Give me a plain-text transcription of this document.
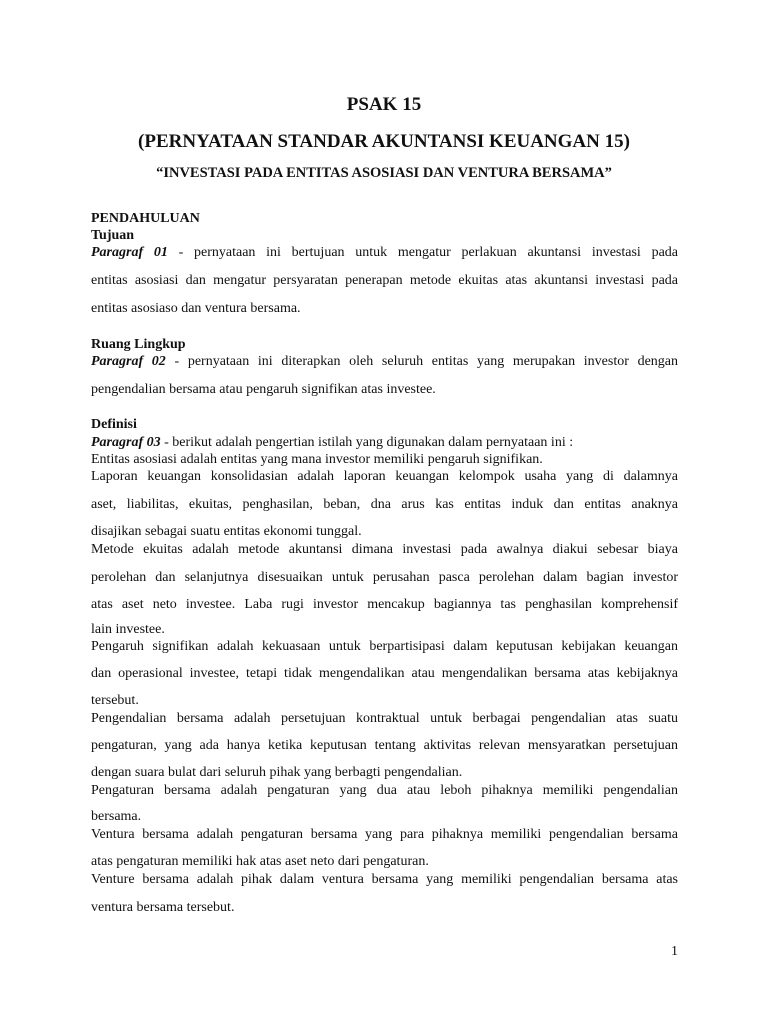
PSAK 15
(PERNYATAAN STANDAR AKUNTANSI KEUANGAN 15)
“INVESTASI PADA ENTITAS ASOSIASI DAN VENTURA BERSAMA”
PENDAHULUAN
Tujuan
Paragraf 01 - pernyataan ini bertujuan untuk mengatur perlakuan akuntansi investasi pada
entitas asosiasi dan mengatur persyaratan penerapan metode ekuitas atas akuntansi investasi pada
entitas asosiaso dan ventura bersama.
Ruang Lingkup
Paragraf 02 - pernyataan ini diterapkan oleh seluruh entitas yang merupakan investor dengan
pengendalian bersama atau pengaruh signifikan atas investee.
Definisi
Paragraf 03 - berikut adalah pengertian istilah yang digunakan dalam pernyataan ini :
Entitas asosiasi adalah entitas yang mana investor memiliki pengaruh signifikan.
Laporan keuangan konsolidasian adalah laporan keuangan kelompok usaha yang di dalamnya
aset, liabilitas, ekuitas, penghasilan, beban, dna arus kas entitas induk dan entitas anaknya
disajikan sebagai suatu entitas ekonomi tunggal.
Metode ekuitas adalah metode akuntansi dimana investasi pada awalnya diakui sebesar biaya
perolehan dan selanjutnya disesuaikan untuk perusahan pasca perolehan dalam bagian investor
atas aset neto investee. Laba rugi investor mencakup bagiannya tas penghasilan komprehensif
lain investee.
Pengaruh signifikan adalah kekuasaan untuk berpartisipasi dalam keputusan kebijakan keuangan
dan operasional investee, tetapi tidak mengendalikan atau mengendalikan bersama atas kebijaknya
tersebut.
Pengendalian bersama adalah persetujuan kontraktual untuk berbagai pengendalian atas suatu
pengaturan, yang ada hanya ketika keputusan tentang aktivitas relevan mensyaratkan persetujuan
dengan suara bulat dari seluruh pihak yang berbagti pengendalian.
Pengaturan bersama adalah pengaturan yang dua atau leboh pihaknya memiliki pengendalian
bersama.
Ventura bersama adalah pengaturan bersama yang para pihaknya memiliki pengendalian bersama
atas pengaturan memiliki hak atas aset neto dari pengaturan.
Venture bersama adalah pihak dalam ventura bersama yang memiliki pengendalian bersama atas
ventura bersama tersebut.
1
